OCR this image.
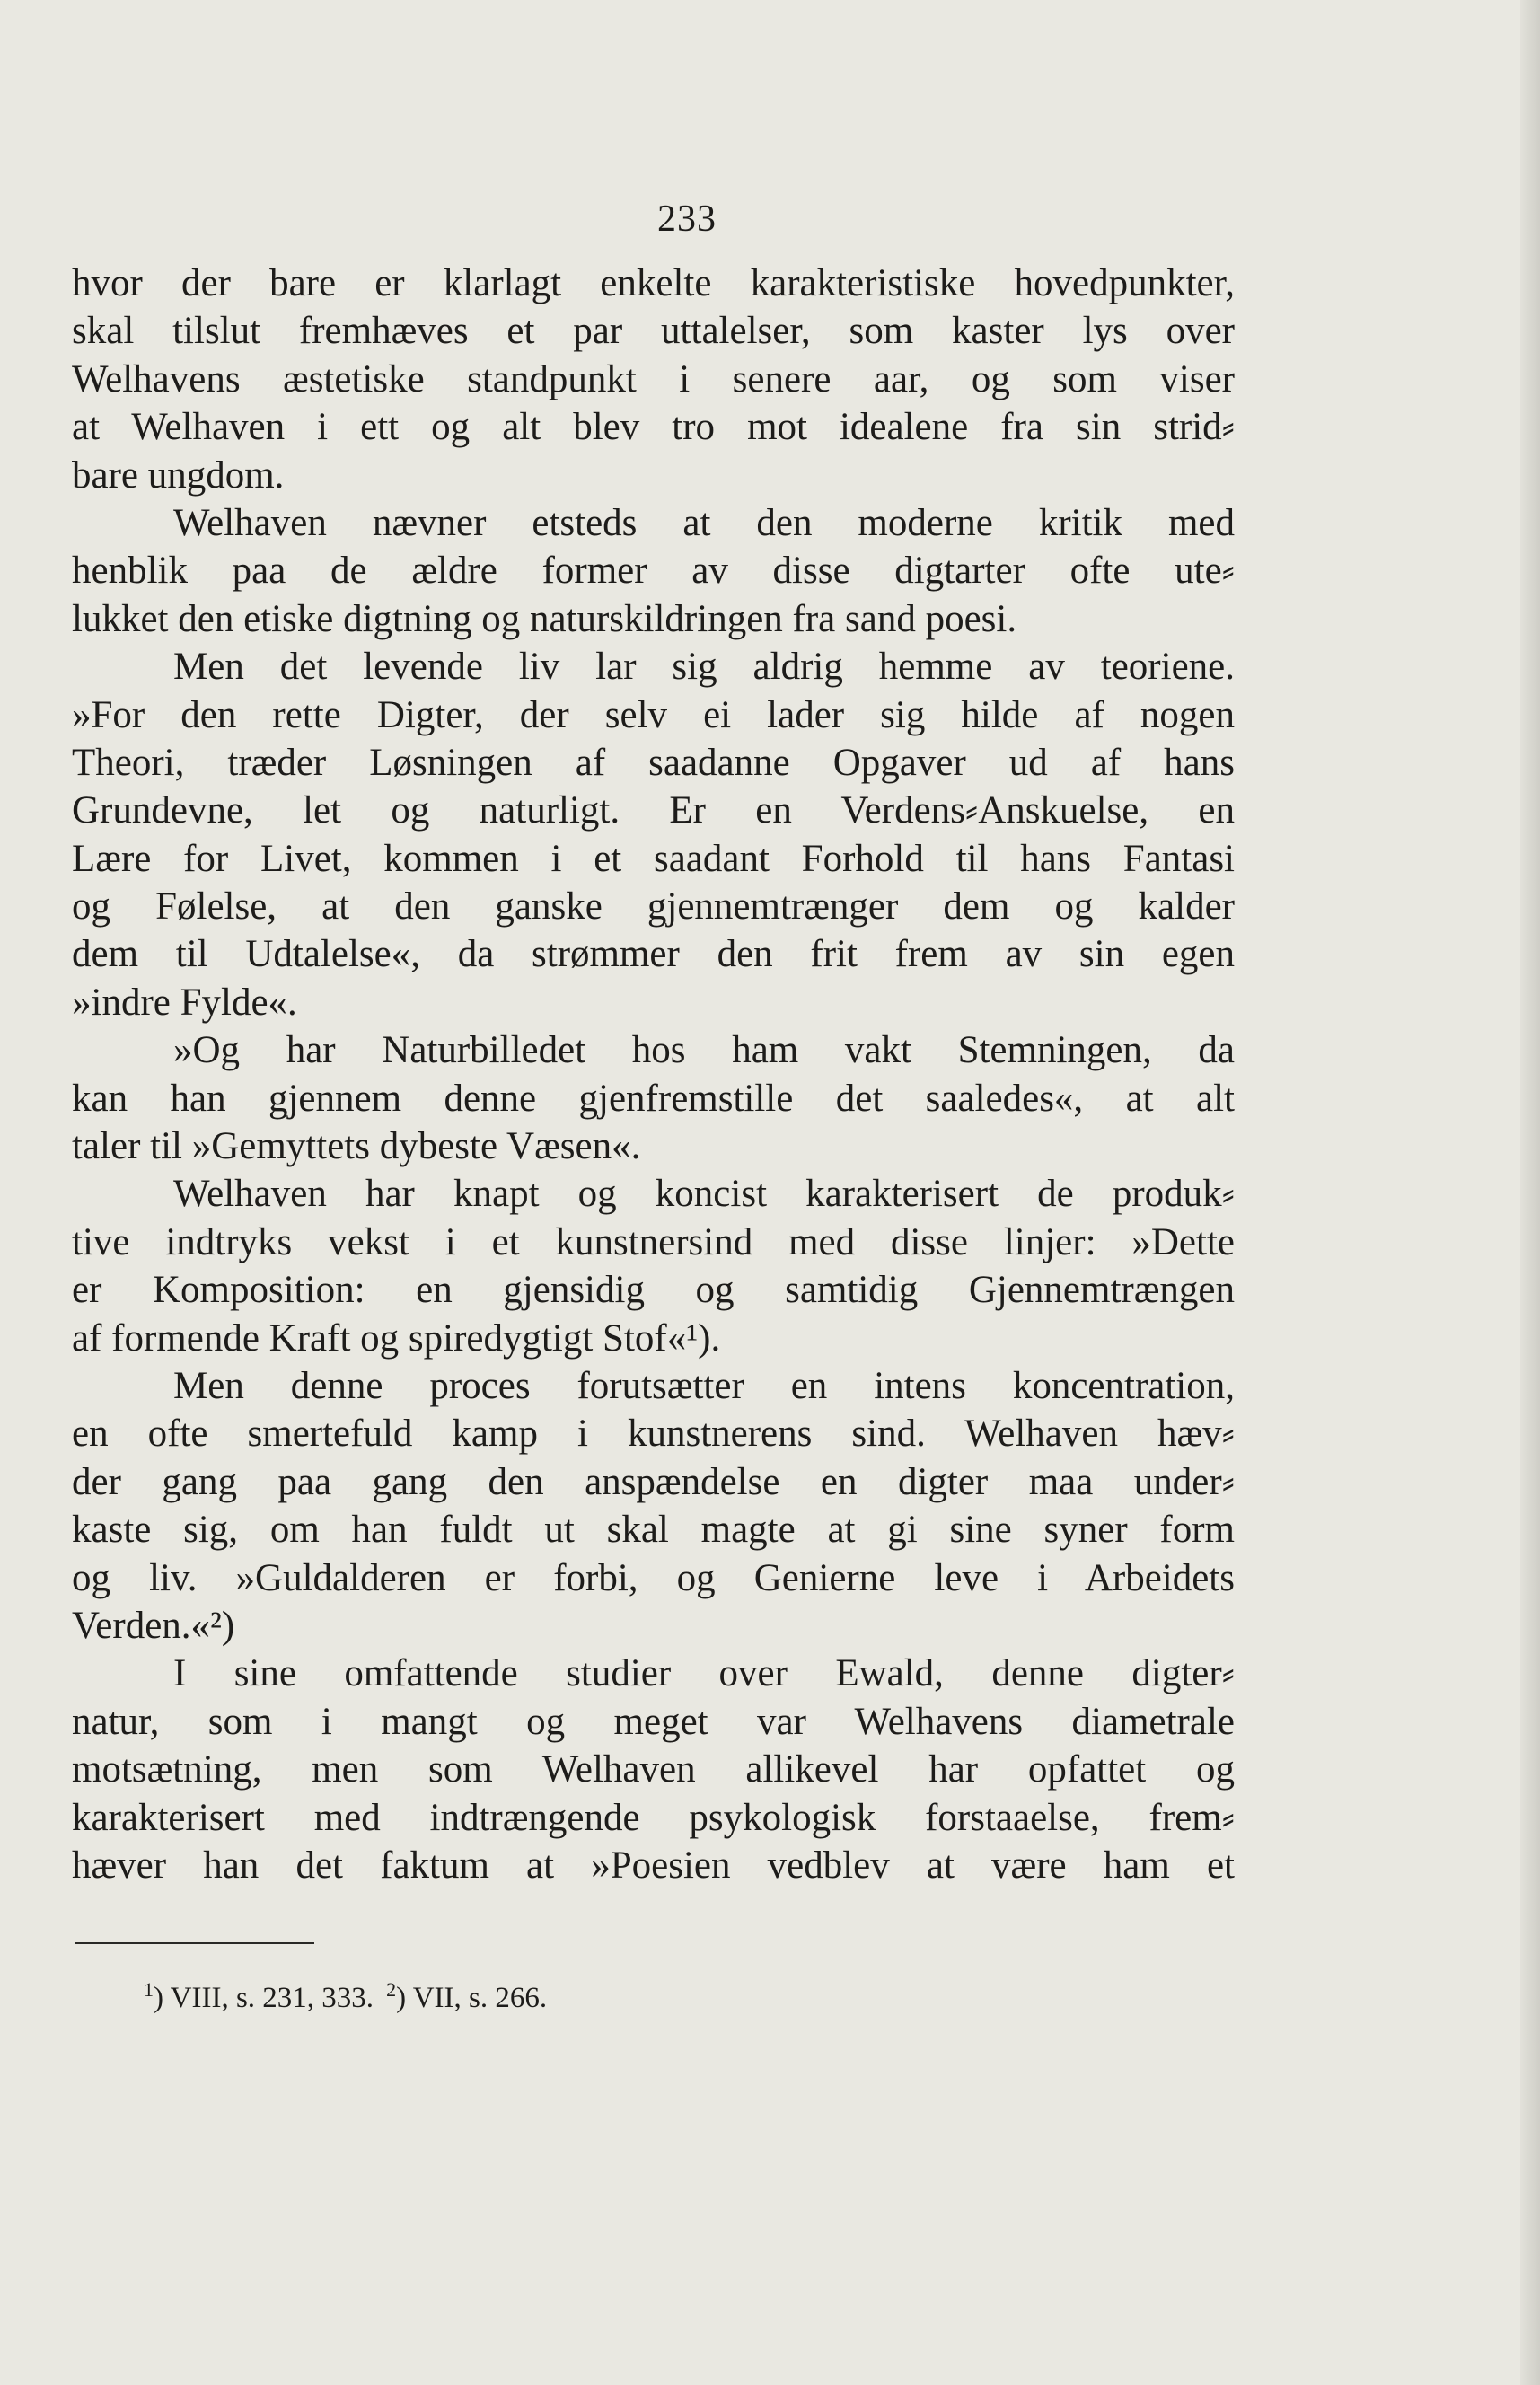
233
hvor der bare er klarlagt enkelte karakteristiske hovedpunkter,
skal tilslut fremhæves et par uttalelser, som kaster lys over
Welhavens æstetiske standpunkt i senere aar, og som viser
at Welhaven i ett og alt blev tro mot idealene fra sin strid⸗
bare ungdom.
Welhaven nævner etsteds at den moderne kritik med
henblik paa de ældre former av disse digtarter ofte ute⸗
lukket den etiske digtning og naturskildringen fra sand poesi.
Men det levende liv lar sig aldrig hemme av teoriene.
»For den rette Digter, der selv ei lader sig hilde af nogen
Theori, træder Løsningen af saadanne Opgaver ud af hans
Grundevne, let og naturligt. Er en Verdens⸗Anskuelse, en
Lære for Livet, kommen i et saadant Forhold til hans Fantasi
og Følelse, at den ganske gjennemtrænger dem og kalder
dem til Udtalelse«, da strømmer den frit frem av sin egen
»indre Fylde«.
»Og har Naturbilledet hos ham vakt Stemningen, da
kan han gjennem denne gjenfremstille det saaledes«, at alt
taler til »Gemyttets dybeste Væsen«.
Welhaven har knapt og koncist karakterisert de produk⸗
tive indtryks vekst i et kunstnersind med disse linjer: »Dette
er Komposition: en gjensidig og samtidig Gjennemtrængen
af formende Kraft og spiredygtigt Stof«¹).
Men denne proces forutsætter en intens koncentration,
en ofte smertefuld kamp i kunstnerens sind. Welhaven hæv⸗
der gang paa gang den anspændelse en digter maa under⸗
kaste sig, om han fuldt ut skal magte at gi sine syner form
og liv. »Guldalderen er forbi, og Genierne leve i Arbeidets
Verden.«²)
I sine omfattende studier over Ewald, denne digter⸗
natur, som i mangt og meget var Welhavens diametrale
motsætning, men som Welhaven allikevel har opfattet og
karakterisert med indtrængende psykologisk forstaaelse, frem⸗
hæver han det faktum at »Poesien vedblev at være ham et
$^1$) VIII, s. 231, 333. $^2$) VII, s. 266.
